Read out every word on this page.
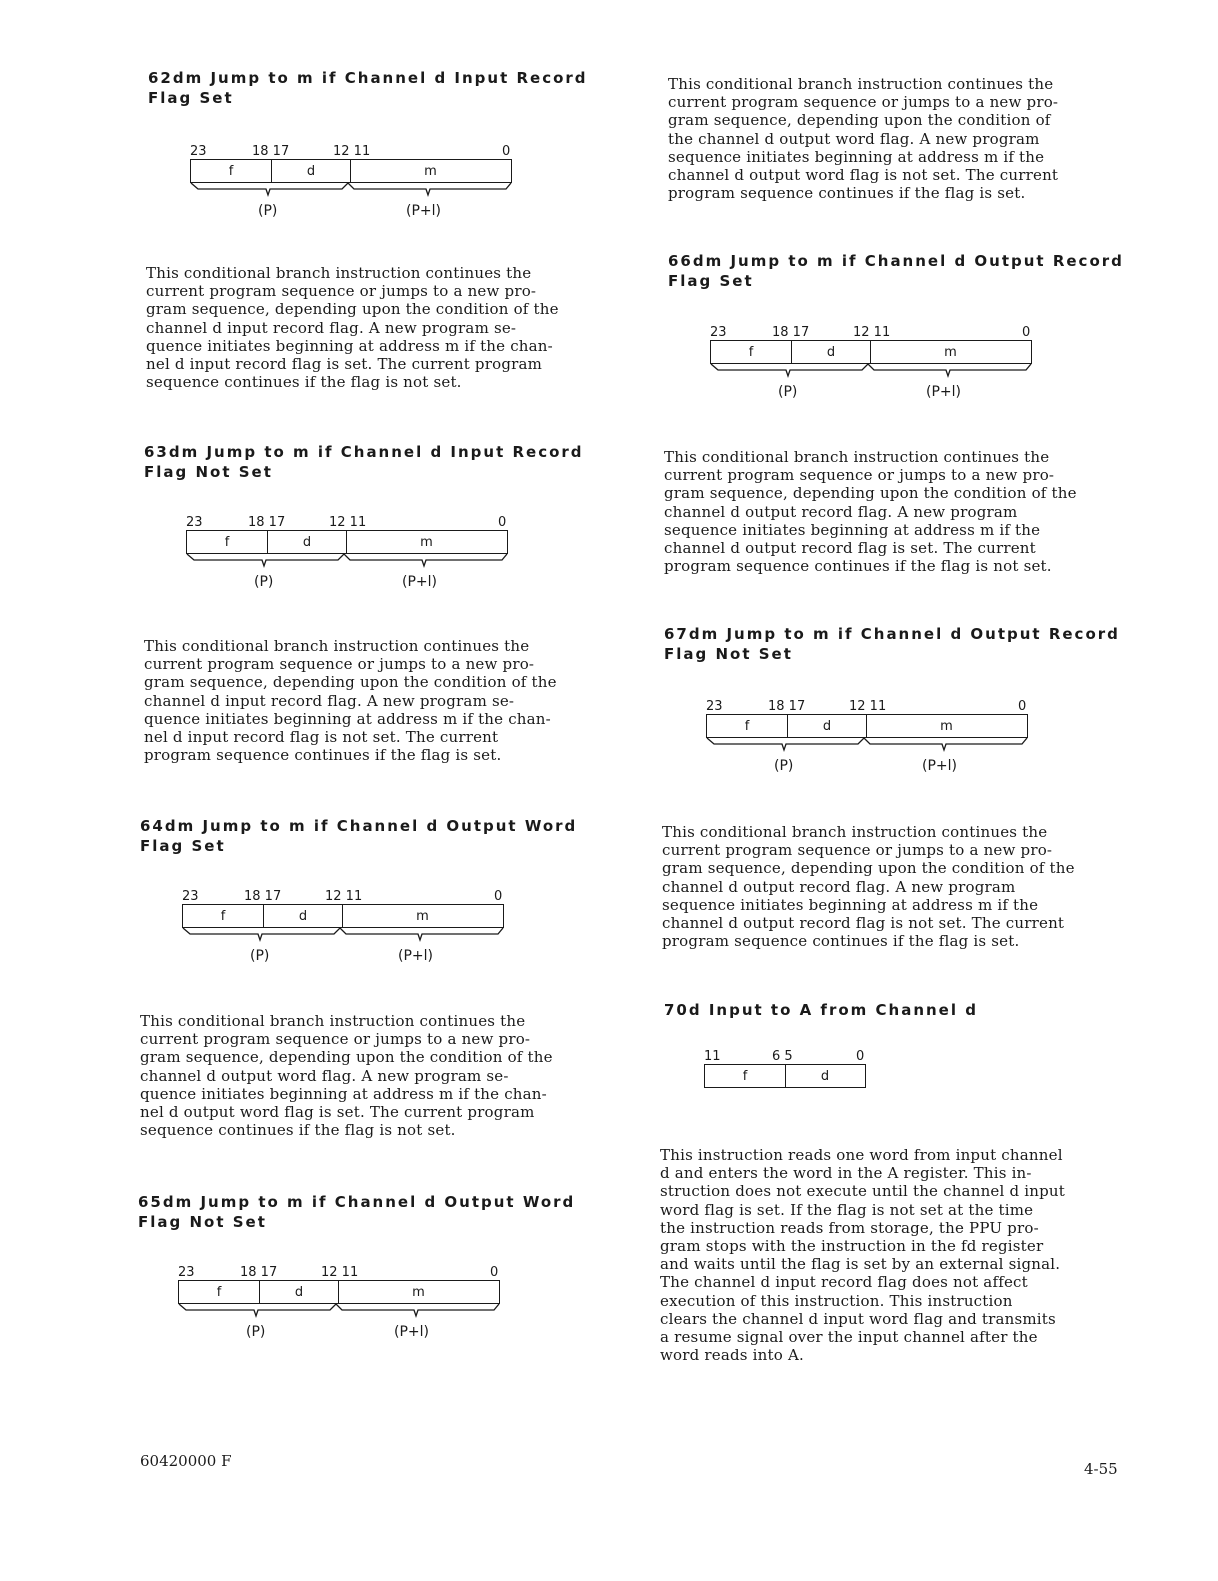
62dm Jump to m if Channel d Input Record
Flag Set

23	18 17	12 11	0
f	d	m
(P)	(P+l)

This conditional branch instruction continues the
current program sequence or jumps to a new pro-
gram sequence, depending upon the condition of the
channel d input record flag. A new program se-
quence initiates beginning at address m if the chan-
nel d input record flag is set. The current program
sequence continues if the flag is not set.

63dm Jump to m if Channel d Input Record
Flag Not Set

23	18 17	12 11	0
f	d	m
(P)	(P+l)

This conditional branch instruction continues the
current program sequence or jumps to a new pro-
gram sequence, depending upon the condition of the
channel d input record flag. A new program se-
quence initiates beginning at address m if the chan-
nel d input record flag is not set. The current
program sequence continues if the flag is set.

64dm Jump to m if Channel d Output Word
Flag Set

23	18 17	12 11	0
f	d	m
(P)	(P+l)

This conditional branch instruction continues the
current program sequence or jumps to a new pro-
gram sequence, depending upon the condition of the
channel d output word flag. A new program se-
quence initiates beginning at address m if the chan-
nel d output word flag is set. The current program
sequence continues if the flag is not set.

65dm Jump to m if Channel d Output Word
Flag Not Set

23	18 17	12 11	0
f	d	m
(P)	(P+l)

This conditional branch instruction continues the
current program sequence or jumps to a new pro-
gram sequence, depending upon the condition of
the channel d output word flag. A new program
sequence initiates beginning at address m if the
channel d output word flag is not set. The current
program sequence continues if the flag is set.

66dm Jump to m if Channel d Output Record
Flag Set

23	18 17	12 11	0
f	d	m
(P)	(P+l)

This conditional branch instruction continues the
current program sequence or jumps to a new pro-
gram sequence, depending upon the condition of the
channel d output record flag. A new program
sequence initiates beginning at address m if the
channel d output record flag is set. The current
program sequence continues if the flag is not set.

67dm Jump to m if Channel d Output Record
Flag Not Set

23	18 17	12 11	0
f	d	m
(P)	(P+l)

This conditional branch instruction continues the
current program sequence or jumps to a new pro-
gram sequence, depending upon the condition of the
channel d output record flag. A new program
sequence initiates beginning at address m if the
channel d output record flag is not set. The current
program sequence continues if the flag is set.

70d Input to A from Channel d

11	6 5	0
f	d

This instruction reads one word from input channel
d and enters the word in the A register. This in-
struction does not execute until the channel d input
word flag is set. If the flag is not set at the time
the instruction reads from storage, the PPU pro-
gram stops with the instruction in the fd register
and waits until the flag is set by an external signal.
The channel d input record flag does not affect
execution of this instruction. This instruction
clears the channel d input word flag and transmits
a resume signal over the input channel after the
word reads into A.

60420000 F	4-55
